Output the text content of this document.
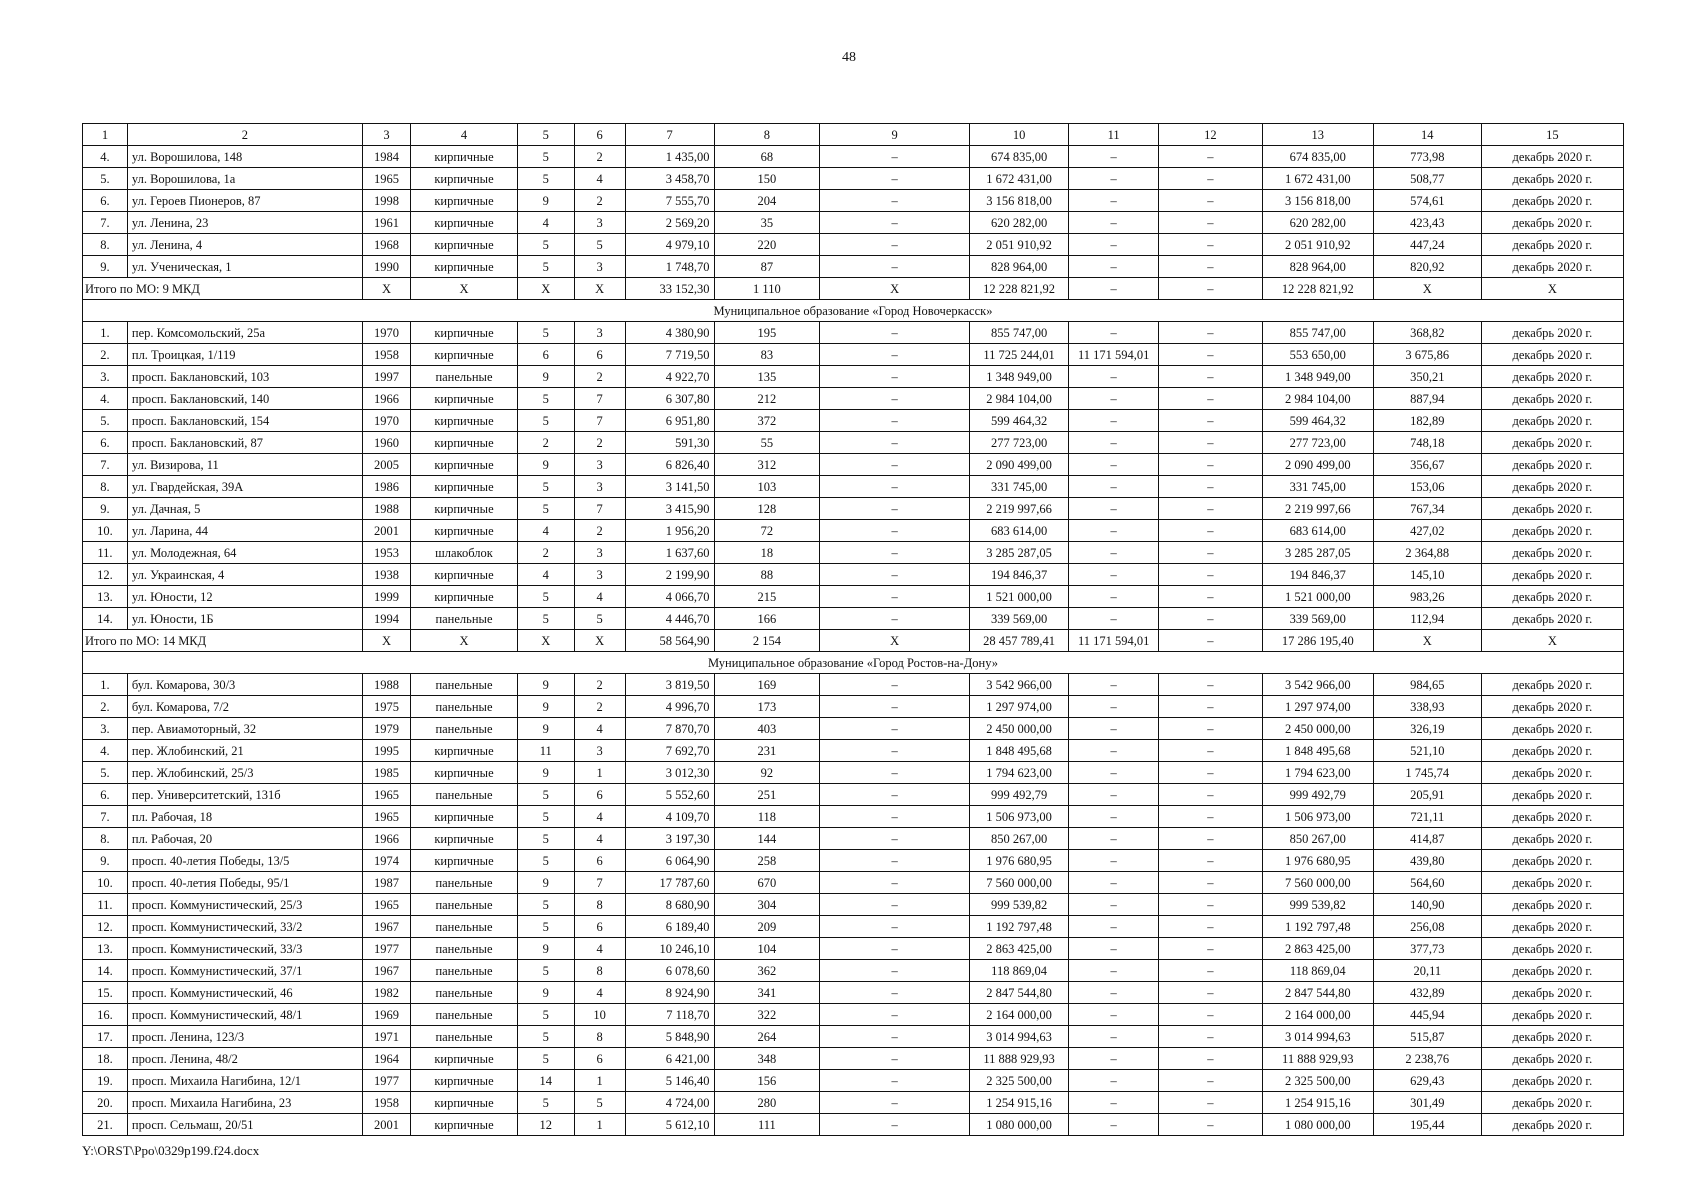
48
1	2	3	4	5	6	7	8	9	10	11	12	13	14	15
4.	ул. Ворошилова, 148	1984	кирпичные	5	2	1 435,00	68	–	674 835,00	–	–	674 835,00	773,98	декабрь 2020 г.
5.	ул. Ворошилова, 1а	1965	кирпичные	5	4	3 458,70	150	–	1 672 431,00	–	–	1 672 431,00	508,77	декабрь 2020 г.
6.	ул. Героев Пионеров, 87	1998	кирпичные	9	2	7 555,70	204	–	3 156 818,00	–	–	3 156 818,00	574,61	декабрь 2020 г.
7.	ул. Ленина, 23	1961	кирпичные	4	3	2 569,20	35	–	620 282,00	–	–	620 282,00	423,43	декабрь 2020 г.
8.	ул. Ленина, 4	1968	кирпичные	5	5	4 979,10	220	–	2 051 910,92	–	–	2 051 910,92	447,24	декабрь 2020 г.
9.	ул. Ученическая, 1	1990	кирпичные	5	3	1 748,70	87	–	828 964,00	–	–	828 964,00	820,92	декабрь 2020 г.
Итого по МО: 9 МКД		X	X	X	X	33 152,30	1 110	X	12 228 821,92	–	–	12 228 821,92	X	X
Муниципальное образование «Город Новочеркасск»														
1.	пер. Комсомольский, 25а	1970	кирпичные	5	3	4 380,90	195	–	855 747,00	–	–	855 747,00	368,82	декабрь 2020 г.
2.	пл. Троицкая, 1/119	1958	кирпичные	6	6	7 719,50	83	–	11 725 244,01	11 171 594,01	–	553 650,00	3 675,86	декабрь 2020 г.
3.	просп. Баклановский, 103	1997	панельные	9	2	4 922,70	135	–	1 348 949,00	–	–	1 348 949,00	350,21	декабрь 2020 г.
4.	просп. Баклановский, 140	1966	кирпичные	5	7	6 307,80	212	–	2 984 104,00	–	–	2 984 104,00	887,94	декабрь 2020 г.
5.	просп. Баклановский, 154	1970	кирпичные	5	7	6 951,80	372	–	599 464,32	–	–	599 464,32	182,89	декабрь 2020 г.
6.	просп. Баклановский, 87	1960	кирпичные	2	2	591,30	55	–	277 723,00	–	–	277 723,00	748,18	декабрь 2020 г.
7.	ул. Визирова, 11	2005	кирпичные	9	3	6 826,40	312	–	2 090 499,00	–	–	2 090 499,00	356,67	декабрь 2020 г.
8.	ул. Гвардейская, 39А	1986	кирпичные	5	3	3 141,50	103	–	331 745,00	–	–	331 745,00	153,06	декабрь 2020 г.
9.	ул. Дачная, 5	1988	кирпичные	5	7	3 415,90	128	–	2 219 997,66	–	–	2 219 997,66	767,34	декабрь 2020 г.
10.	ул. Ларина, 44	2001	кирпичные	4	2	1 956,20	72	–	683 614,00	–	–	683 614,00	427,02	декабрь 2020 г.
11.	ул. Молодежная, 64	1953	шлакоблок	2	3	1 637,60	18	–	3 285 287,05	–	–	3 285 287,05	2 364,88	декабрь 2020 г.
12.	ул. Украинская, 4	1938	кирпичные	4	3	2 199,90	88	–	194 846,37	–	–	194 846,37	145,10	декабрь 2020 г.
13.	ул. Юности, 12	1999	кирпичные	5	4	4 066,70	215	–	1 521 000,00	–	–	1 521 000,00	983,26	декабрь 2020 г.
14.	ул. Юности, 1Б	1994	панельные	5	5	4 446,70	166	–	339 569,00	–	–	339 569,00	112,94	декабрь 2020 г.
Итого по МО: 14 МКД		X	X	X	X	58 564,90	2 154	X	28 457 789,41	11 171 594,01	–	17 286 195,40	X	X
Муниципальное образование «Город Ростов-на-Дону»														
1.	бул. Комарова, 30/3	1988	панельные	9	2	3 819,50	169	–	3 542 966,00	–	–	3 542 966,00	984,65	декабрь 2020 г.
2.	бул. Комарова, 7/2	1975	панельные	9	2	4 996,70	173	–	1 297 974,00	–	–	1 297 974,00	338,93	декабрь 2020 г.
3.	пер. Авиамоторный, 32	1979	панельные	9	4	7 870,70	403	–	2 450 000,00	–	–	2 450 000,00	326,19	декабрь 2020 г.
4.	пер. Жлобинский, 21	1995	кирпичные	11	3	7 692,70	231	–	1 848 495,68	–	–	1 848 495,68	521,10	декабрь 2020 г.
5.	пер. Жлобинский, 25/3	1985	кирпичные	9	1	3 012,30	92	–	1 794 623,00	–	–	1 794 623,00	1 745,74	декабрь 2020 г.
6.	пер. Университетский, 131б	1965	панельные	5	6	5 552,60	251	–	999 492,79	–	–	999 492,79	205,91	декабрь 2020 г.
7.	пл. Рабочая, 18	1965	кирпичные	5	4	4 109,70	118	–	1 506 973,00	–	–	1 506 973,00	721,11	декабрь 2020 г.
8.	пл. Рабочая, 20	1966	кирпичные	5	4	3 197,30	144	–	850 267,00	–	–	850 267,00	414,87	декабрь 2020 г.
9.	просп. 40-летия Победы, 13/5	1974	кирпичные	5	6	6 064,90	258	–	1 976 680,95	–	–	1 976 680,95	439,80	декабрь 2020 г.
10.	просп. 40-летия Победы, 95/1	1987	панельные	9	7	17 787,60	670	–	7 560 000,00	–	–	7 560 000,00	564,60	декабрь 2020 г.
11.	просп. Коммунистический, 25/3	1965	панельные	5	8	8 680,90	304	–	999 539,82	–	–	999 539,82	140,90	декабрь 2020 г.
12.	просп. Коммунистический, 33/2	1967	панельные	5	6	6 189,40	209	–	1 192 797,48	–	–	1 192 797,48	256,08	декабрь 2020 г.
13.	просп. Коммунистический, 33/3	1977	панельные	9	4	10 246,10	104	–	2 863 425,00	–	–	2 863 425,00	377,73	декабрь 2020 г.
14.	просп. Коммунистический, 37/1	1967	панельные	5	8	6 078,60	362	–	118 869,04	–	–	118 869,04	20,11	декабрь 2020 г.
15.	просп. Коммунистический, 46	1982	панельные	9	4	8 924,90	341	–	2 847 544,80	–	–	2 847 544,80	432,89	декабрь 2020 г.
16.	просп. Коммунистический, 48/1	1969	панельные	5	10	7 118,70	322	–	2 164 000,00	–	–	2 164 000,00	445,94	декабрь 2020 г.
17.	просп. Ленина, 123/3	1971	панельные	5	8	5 848,90	264	–	3 014 994,63	–	–	3 014 994,63	515,87	декабрь 2020 г.
18.	просп. Ленина, 48/2	1964	кирпичные	5	6	6 421,00	348	–	11 888 929,93	–	–	11 888 929,93	2 238,76	декабрь 2020 г.
19.	просп. Михаила Нагибина, 12/1	1977	кирпичные	14	1	5 146,40	156	–	2 325 500,00	–	–	2 325 500,00	629,43	декабрь 2020 г.
20.	просп. Михаила Нагибина, 23	1958	кирпичные	5	5	4 724,00	280	–	1 254 915,16	–	–	1 254 915,16	301,49	декабрь 2020 г.
21.	просп. Сельмаш, 20/51	2001	кирпичные	12	1	5 612,10	111	–	1 080 000,00	–	–	1 080 000,00	195,44	декабрь 2020 г.
Y:\ORST\Ppo\0329p199.f24.docx
